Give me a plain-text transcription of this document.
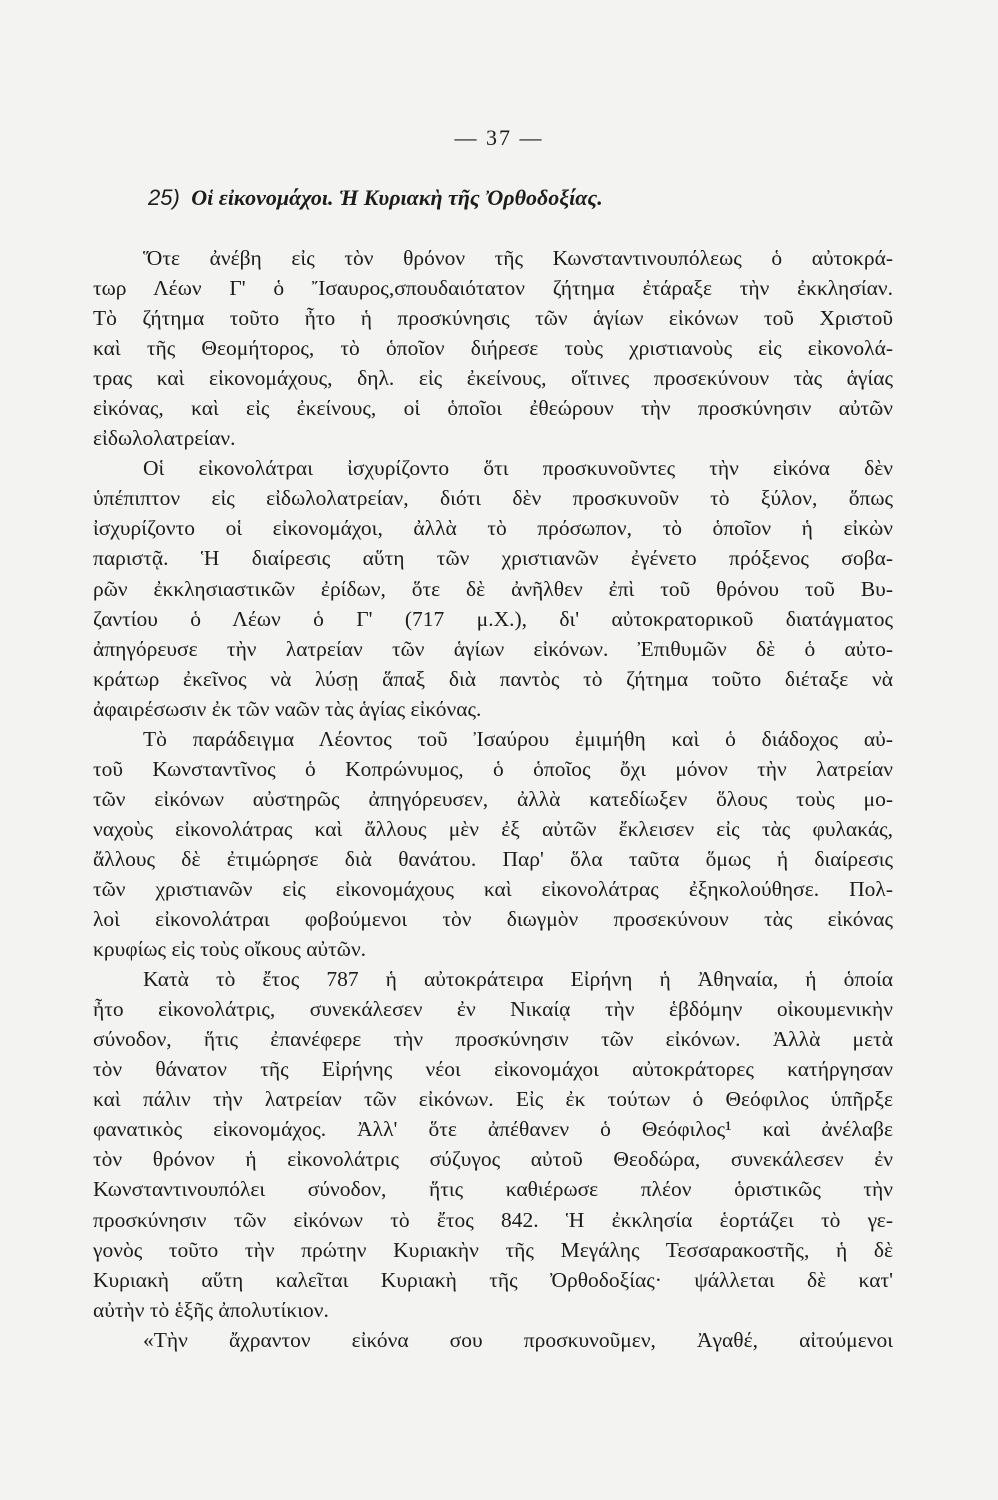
— 37 —
25) Οἱ εἰκονομάχοι. Ἡ Κυριακὴ τῆς Ὀρθοδοξίας.
Ὅτε ἀνέβη εἰς τὸν θρόνον τῆς Κωνσταντινουπόλεως ὁ αὐτοκρά-
τωρ Λέων Γ' ὁ Ἴσαυρος,σπουδαιότατον ζήτημα ἐτάραξε τὴν ἐκκλησίαν.
Τὸ ζήτημα τοῦτο ἦτο ἡ προσκύνησις τῶν ἁγίων εἰκόνων τοῦ Χριστοῦ
καὶ τῆς Θεομήτορος, τὸ ὁποῖον διήρεσε τοὺς χριστιανοὺς εἰς εἰκονολά-
τρας καὶ εἰκονομάχους, δηλ. εἰς ἐκείνους, οἵτινες προσεκύνουν τὰς ἁγίας
εἰκόνας, καὶ εἰς ἐκείνους, οἱ ὁποῖοι ἐθεώρουν τὴν προσκύνησιν αὐτῶν
εἰδωλολατρείαν.
Οἱ εἰκονολάτραι ἰσχυρίζοντο ὅτι προσκυνοῦντες τὴν εἰκόνα δὲν
ὑπέπιπτον εἰς εἰδωλολατρείαν, διότι δὲν προσκυνοῦν τὸ ξύλον, ὅπως
ἰσχυρίζοντο οἱ εἰκονομάχοι, ἀλλὰ τὸ πρόσωπον, τὸ ὁποῖον ἡ εἰκὼν
παριστᾷ. Ἡ διαίρεσις αὕτη τῶν χριστιανῶν ἐγένετο πρόξενος σοβα-
ρῶν ἐκκλησιαστικῶν ἐρίδων, ὅτε δὲ ἀνῆλθεν ἐπὶ τοῦ θρόνου τοῦ Βυ-
ζαντίου ὁ Λέων ὁ Γ' (717 μ.Χ.), δι' αὐτοκρατορικοῦ διατάγματος
ἀπηγόρευσε τὴν λατρείαν τῶν ἁγίων εἰκόνων. Ἐπιθυμῶν δὲ ὁ αὐτο-
κράτωρ ἐκεῖνος νὰ λύσῃ ἅπαξ διὰ παντὸς τὸ ζήτημα τοῦτο διέταξε νὰ
ἀφαιρέσωσιν ἐκ τῶν ναῶν τὰς ἁγίας εἰκόνας.
Τὸ παράδειγμα Λέοντος τοῦ Ἰσαύρου ἐμιμήθη καὶ ὁ διάδοχος αὐ-
τοῦ Κωνσταντῖνος ὁ Κοπρώνυμος, ὁ ὁποῖος ὄχι μόνον τὴν λατρείαν
τῶν εἰκόνων αὐστηρῶς ἀπηγόρευσεν, ἀλλὰ κατεδίωξεν ὅλους τοὺς μο-
ναχοὺς εἰκονολάτρας καὶ ἄλλους μὲν ἐξ αὐτῶν ἔκλεισεν εἰς τὰς φυλακάς,
ἄλλους δὲ ἐτιμώρησε διὰ θανάτου. Παρ' ὅλα ταῦτα ὅμως ἡ διαίρεσις
τῶν χριστιανῶν εἰς εἰκονομάχους καὶ εἰκονολάτρας ἐξηκολούθησε. Πολ-
λοὶ εἰκονολάτραι φοβούμενοι τὸν διωγμὸν προσεκύνουν τὰς εἰκόνας
κρυφίως εἰς τοὺς οἴκους αὐτῶν.
Κατὰ τὸ ἔτος 787 ἡ αὐτοκράτειρα Εἰρήνη ἡ Ἀθηναία, ἡ ὁποία
ἦτο εἰκονολάτρις, συνεκάλεσεν ἐν Νικαίᾳ τὴν ἑβδόμην οἰκουμενικὴν
σύνοδον, ἥτις ἐπανέφερε τὴν προσκύνησιν τῶν εἰκόνων. Ἀλλὰ μετὰ
τὸν θάνατον τῆς Εἰρήνης νέοι εἰκονομάχοι αὐτοκράτορες κατήργησαν
καὶ πάλιν τὴν λατρείαν τῶν εἰκόνων. Εἰς ἐκ τούτων ὁ Θεόφιλος ὑπῆρξε
φανατικὸς εἰκονομάχος. Ἀλλ' ὅτε ἀπέθανεν ὁ Θεόφιλος¹ καὶ ἀνέλαβε
τὸν θρόνον ἡ εἰκονολάτρις σύζυγος αὐτοῦ Θεοδώρα, συνεκάλεσεν ἐν
Κωνσταντινουπόλει σύνοδον, ἥτις καθιέρωσε πλέον ὁριστικῶς τὴν
προσκύνησιν τῶν εἰκόνων τὸ ἔτος 842. Ἡ ἐκκλησία ἑορτάζει τὸ γε-
γονὸς τοῦτο τὴν πρώτην Κυριακὴν τῆς Μεγάλης Τεσσαρακοστῆς, ἡ δὲ
Κυριακὴ αὕτη καλεῖται Κυριακὴ τῆς Ὀρθοδοξίας· ψάλλεται δὲ κατ'
αὐτὴν τὸ ἑξῆς ἀπολυτίκιον.
«Τὴν ἄχραντον εἰκόνα σου προσκυνοῦμεν, Ἀγαθέ, αἰτούμενοι
